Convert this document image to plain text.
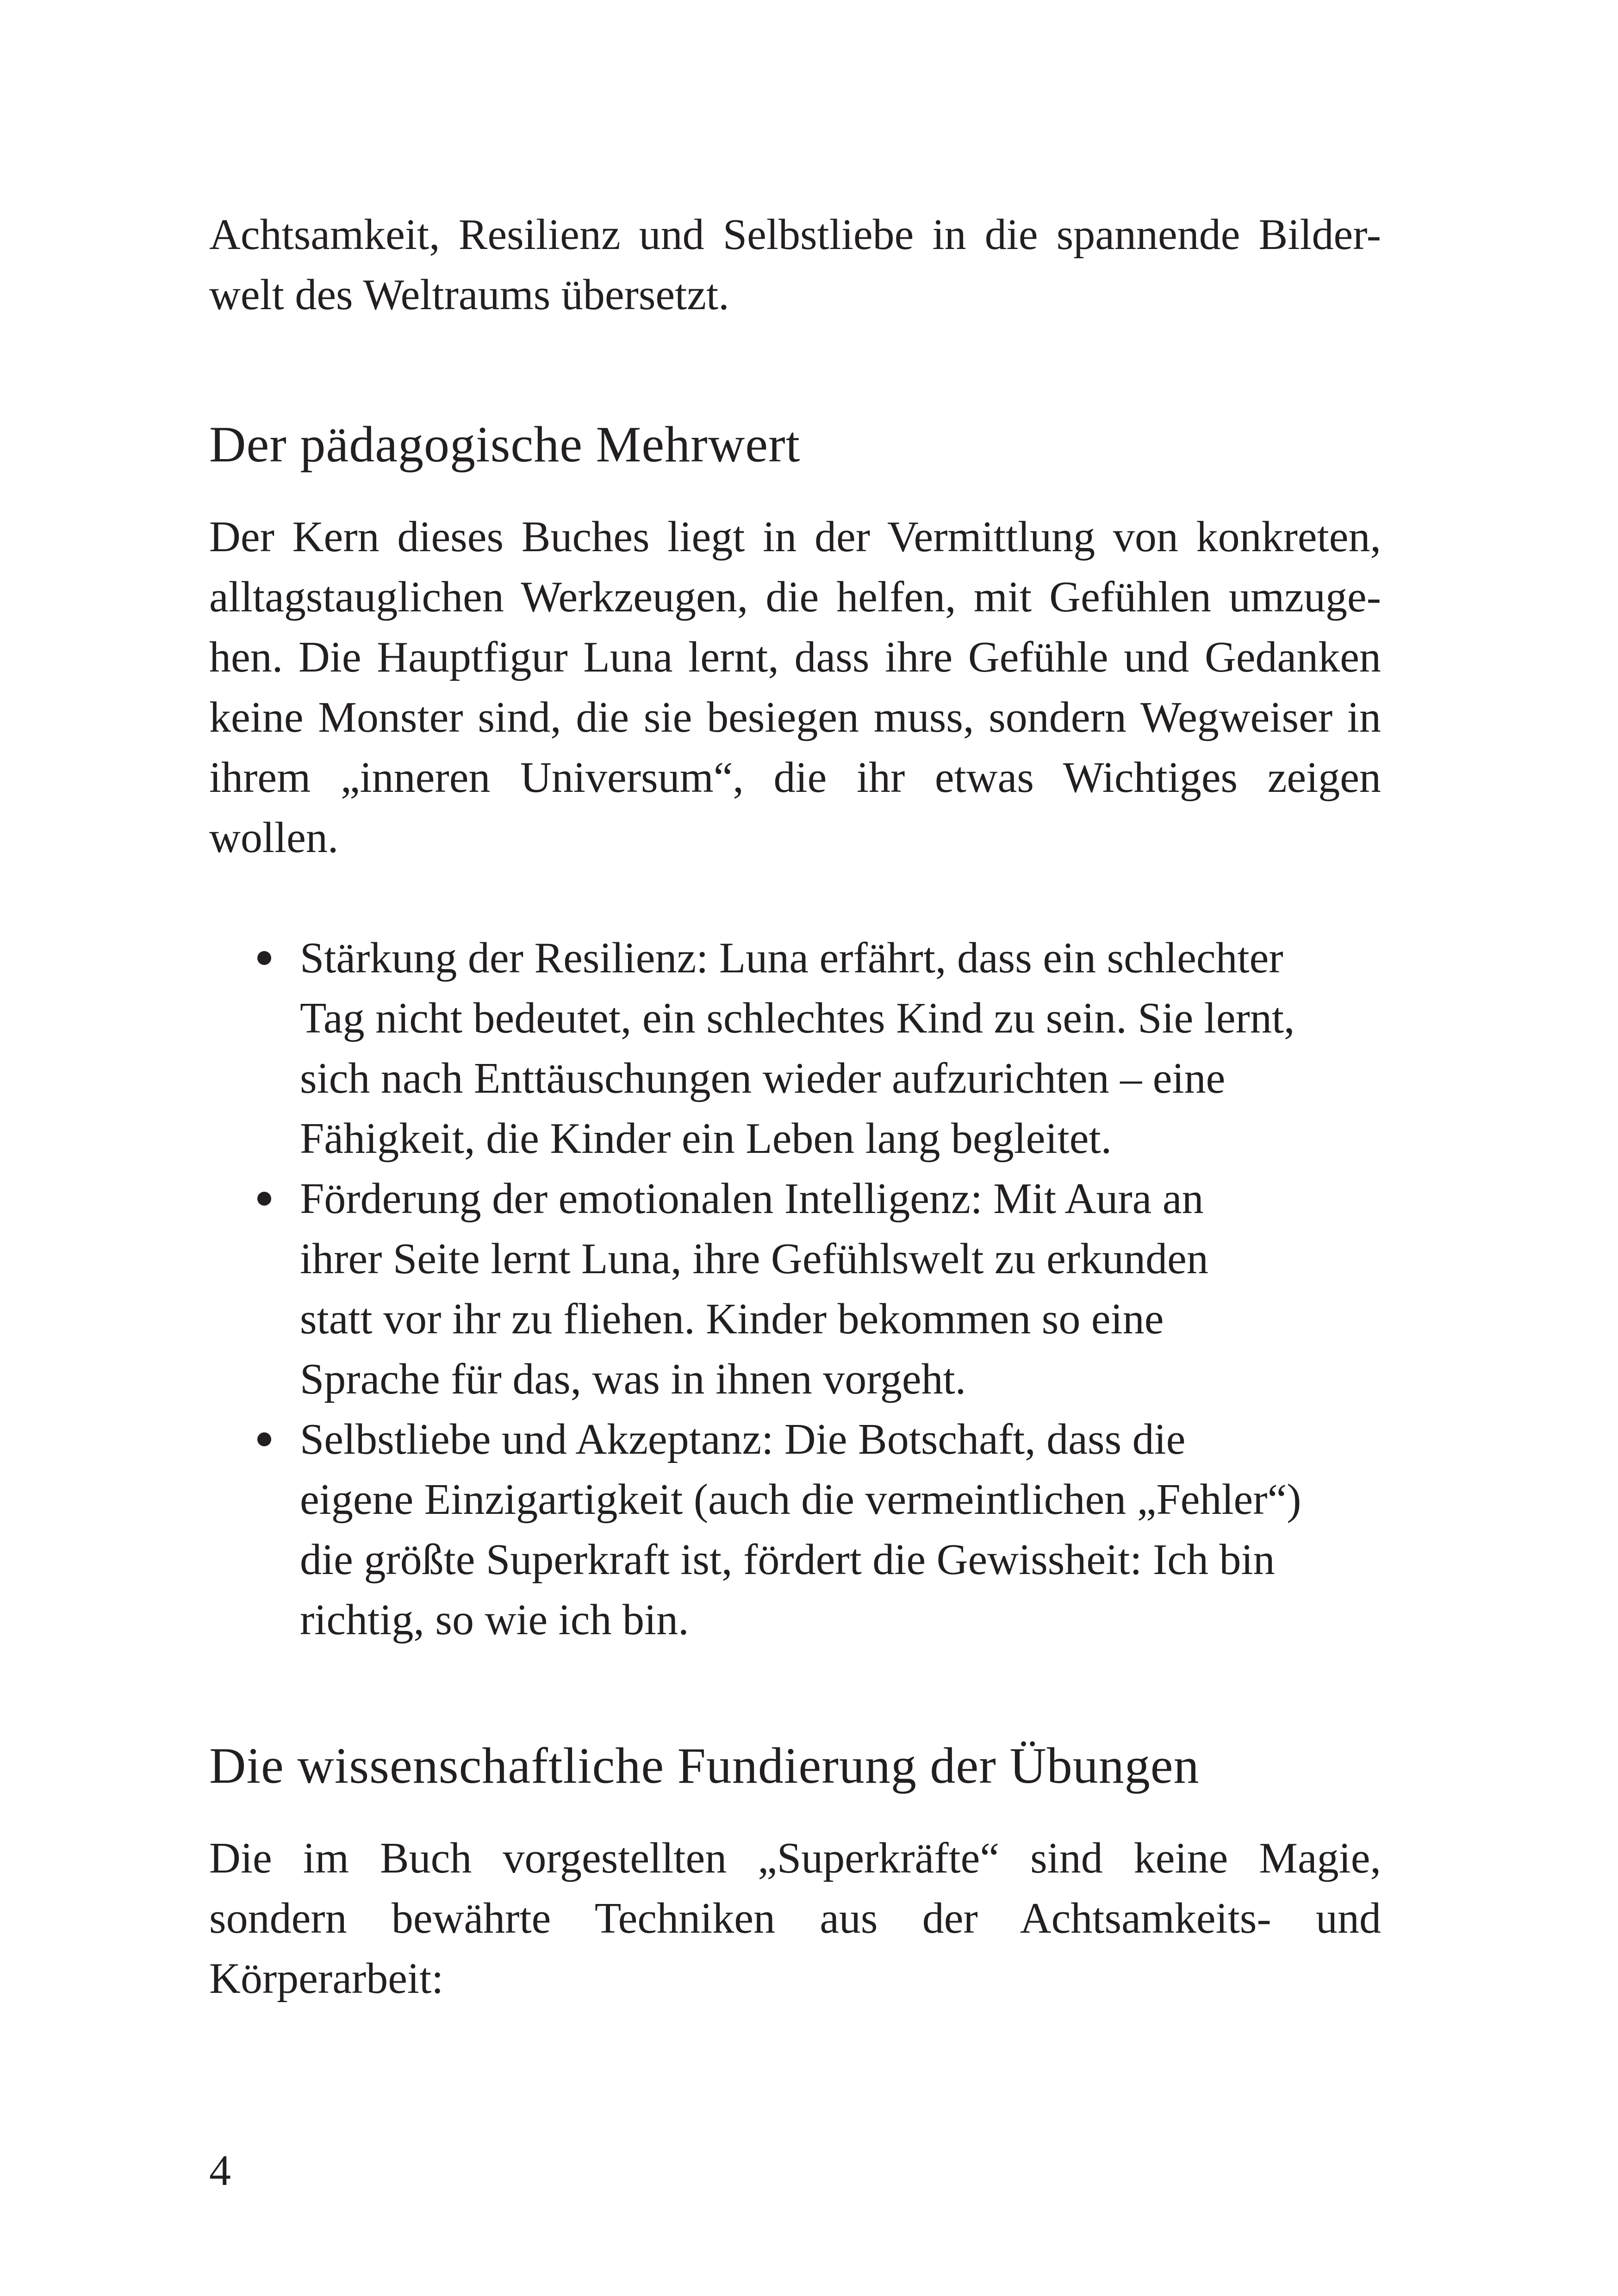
Achtsamkeit, Resilienz und Selbstliebe in die spannende Bilder-
welt des Weltraums übersetzt.

Der pädagogische Mehrwert

Der Kern dieses Buches liegt in der Vermittlung von konkreten,
alltagstauglichen Werkzeugen, die helfen, mit Gefühlen umzuge-
hen. Die Hauptfigur Luna lernt, dass ihre Gefühle und Gedanken
keine Monster sind, die sie besiegen muss, sondern Wegweiser in
ihrem „inneren Universum“, die ihr etwas Wichtiges zeigen
wollen.

Stärkung der Resilienz: Luna erfährt, dass ein schlechter
Tag nicht bedeutet, ein schlechtes Kind zu sein. Sie lernt,
sich nach Enttäuschungen wieder aufzurichten – eine
Fähigkeit, die Kinder ein Leben lang begleitet.
Förderung der emotionalen Intelligenz: Mit Aura an
ihrer Seite lernt Luna, ihre Gefühlswelt zu erkunden
statt vor ihr zu fliehen. Kinder bekommen so eine
Sprache für das, was in ihnen vorgeht.
Selbstliebe und Akzeptanz: Die Botschaft, dass die
eigene Einzigartigkeit (auch die vermeintlichen „Fehler“)
die größte Superkraft ist, fördert die Gewissheit: Ich bin
richtig, so wie ich bin.
Die wissenschaftliche Fundierung der Übungen

Die im Buch vorgestellten „Superkräfte“ sind keine Magie,
sondern bewährte Techniken aus der Achtsamkeits- und
Körperarbeit:

4
